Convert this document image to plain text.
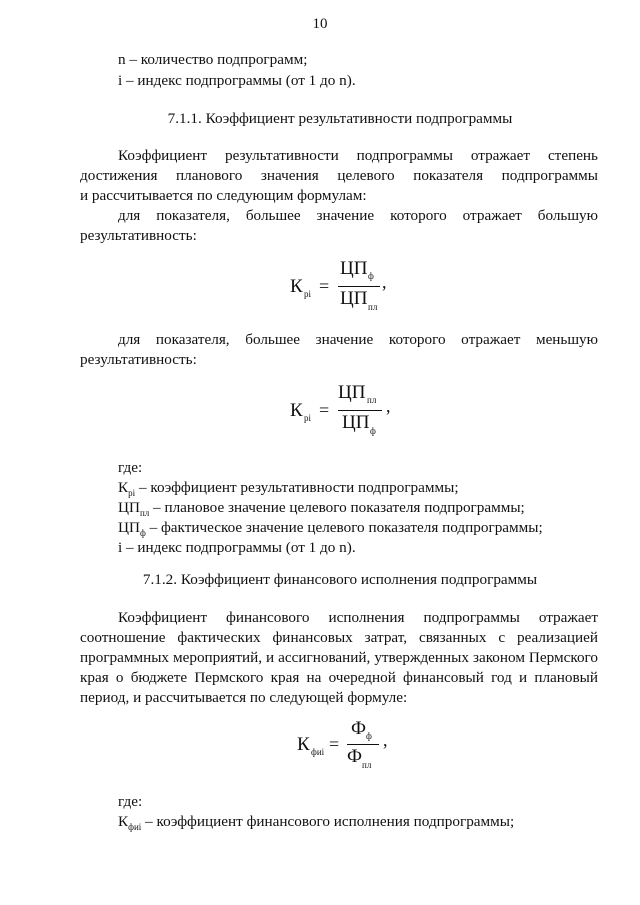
10
n – количество подпрограмм;
i – индекс подпрограммы (от 1 до n).
7.1.1. Коэффициент результативности подпрограммы
Коэффициент результативности подпрограммы отражает степень
достижения планового значения целевого показателя подпрограммы
и рассчитывается по следующим формулам:
для показателя, большее значение которого отражает большую
результативность:
К рi =
ЦП ф
ЦП пл
,
для показателя, большее значение которого отражает меньшую
результативность:
К рi =
ЦП пл
ЦП ф
,
где:
$К_{рi}$ – коэффициент результативности подпрограммы;
$ЦП_{пл}$ – плановое значение целевого показателя подпрограммы;
$ЦП_ф$ – фактическое значение целевого показателя подпрограммы;
i – индекс подпрограммы (от 1 до n).
7.1.2. Коэффициент финансового исполнения подпрограммы
Коэффициент финансового исполнения подпрограммы отражает
соотношение фактических финансовых затрат, связанных с реализацией
программных мероприятий, и ассигнований, утвержденных законом Пермского
края о бюджете Пермского края на очередной финансовый год и плановый
период, и рассчитывается по следующей формуле:
К фиi =
Ф ф
Ф пл
,
где:
$К_{фиi}$ – коэффициент финансового исполнения подпрограммы;
